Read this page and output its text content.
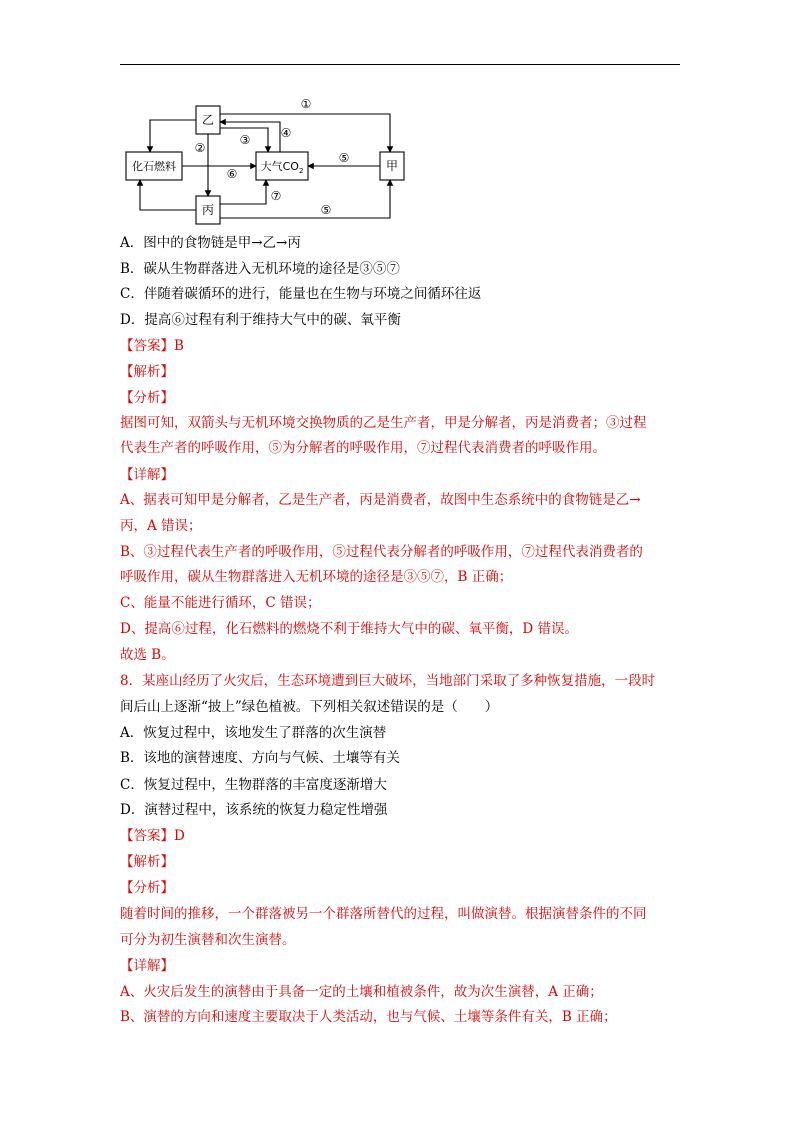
乙
化石燃料	大气$CO_2$	甲
丙
①
②
③	④
⑤
⑥
⑦
⑤
A．图中的食物链是甲→乙→丙
B．碳从生物群落进入无机环境的途径是③⑤⑦
C．伴随着碳循环的进行，能量也在生物与环境之间循环往返
D．提高⑥过程有利于维持大气中的碳、氧平衡
【答案】B
【解析】
【分析】
据图可知，双箭头与无机环境交换物质的乙是生产者，甲是分解者，丙是消费者；③过程
代表生产者的呼吸作用，⑤为分解者的呼吸作用，⑦过程代表消费者的呼吸作用。
【详解】
A、据表可知甲是分解者，乙是生产者，丙是消费者，故图中生态系统中的食物链是乙→
丙，A 错误；
B、③过程代表生产者的呼吸作用，⑤过程代表分解者的呼吸作用，⑦过程代表消费者的
呼吸作用，碳从生物群落进入无机环境的途径是③⑤⑦，B 正确；
C、能量不能进行循环，C 错误；
D、提高⑥过程，化石燃料的燃烧不利于维持大气中的碳、氧平衡，D 错误。
故选 B。
8．某座山经历了火灾后，生态环境遭到巨大破坏，当地部门采取了多种恢复措施，一段时
间后山上逐渐“披上”绿色植被。下列相关叙述错误的是（　　）
A．恢复过程中，该地发生了群落的次生演替
B．该地的演替速度、方向与气候、土壤等有关
C．恢复过程中，生物群落的丰富度逐渐增大
D．演替过程中，该系统的恢复力稳定性增强
【答案】D
【解析】
【分析】
随着时间的推移，一个群落被另一个群落所替代的过程，叫做演替。根据演替条件的不同
可分为初生演替和次生演替。
【详解】
A、火灾后发生的演替由于具备一定的土壤和植被条件，故为次生演替，A 正确；
B、演替的方向和速度主要取决于人类活动，也与气候、土壤等条件有关，B 正确；
